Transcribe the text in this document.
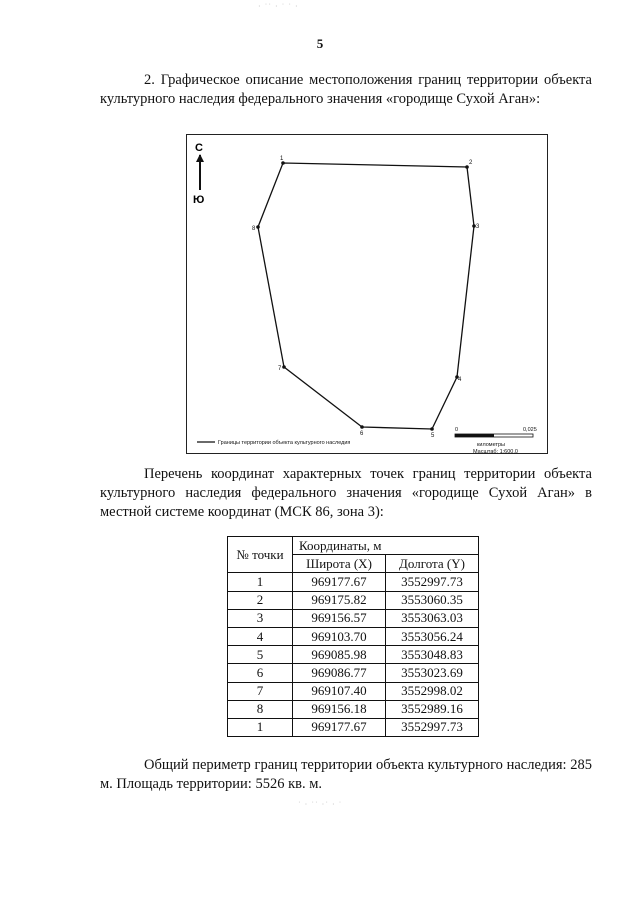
· ˙˙ · ˙ ˙ ·
5

2. Графическое описание местоположения границ территории объекта культурного наследия федерального значения «городище Сухой Аган»:

С
Ю
1
2
3
4
5
6
7
8
Границы территории объекта культурного наследия
0	0,025
километры
Масштаб: 1:600,0

Перечень координат характерных точек границ территории объекта культурного наследия федерального значения «городище Сухой Аган» в местной системе координат (МСК 86, зона 3):

№ точки	Координаты, м	
	Широта (X)	Долгота (Y)
1	969177.67	3552997.73
2	969175.82	3553060.35
3	969156.57	3553063.03
4	969103.70	3553056.24
5	969085.98	3553048.83
6	969086.77	3553023.69
7	969107.40	3552998.02
8	969156.18	3552989.16
1	969177.67	3552997.73

Общий периметр границ территории объекта культурного наследия: 285 м. Площадь территории: 5526 кв. м.

˙ · ˙˙ ·˙ · ˙
